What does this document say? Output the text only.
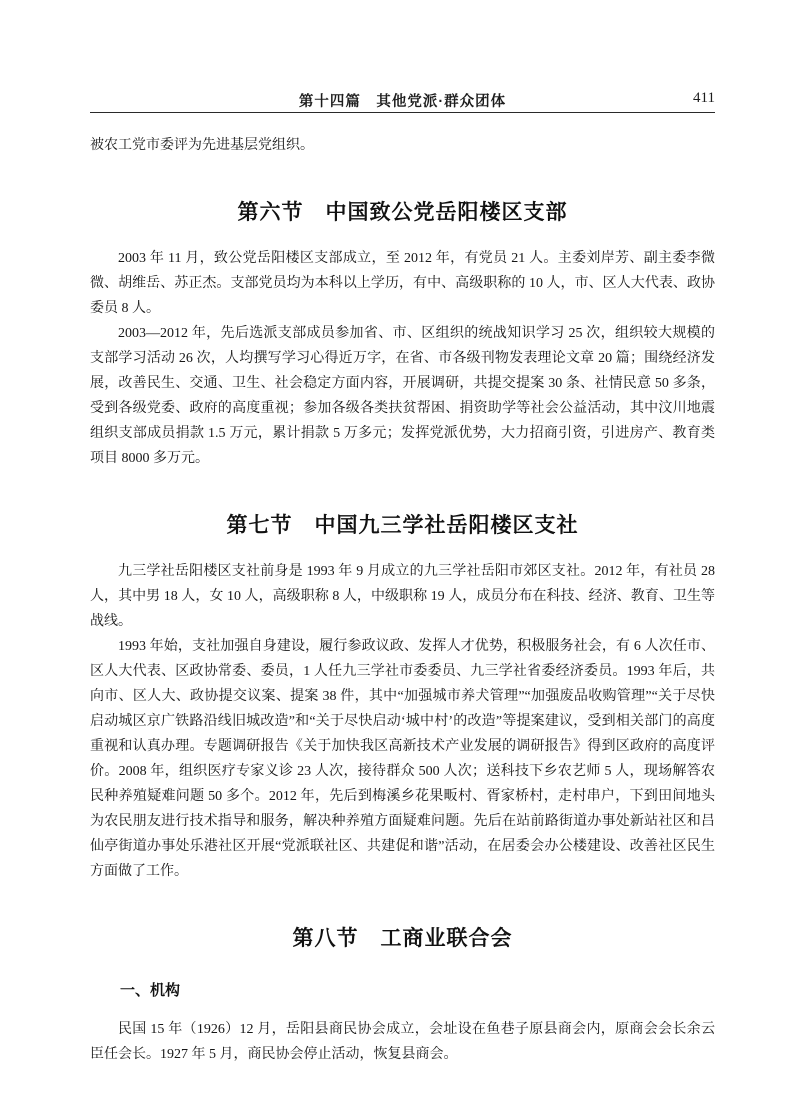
第十四篇　其他党派·群众团体	411

被农工党市委评为先进基层党组织。

第六节　中国致公党岳阳楼区支部

2003 年 11 月，致公党岳阳楼区支部成立，至 2012 年，有党员 21 人。主委刘岸芳、副主委李微微、胡维岳、苏正杰。支部党员均为本科以上学历，有中、高级职称的 10 人，市、区人大代表、政协委员 8 人。

2003—2012 年，先后选派支部成员参加省、市、区组织的统战知识学习 25 次，组织较大规模的支部学习活动 26 次，人均撰写学习心得近万字，在省、市各级刊物发表理论文章 20 篇；围绕经济发展，改善民生、交通、卫生、社会稳定方面内容，开展调研，共提交提案 30 条、社情民意 50 多条，受到各级党委、政府的高度重视；参加各级各类扶贫帮困、捐资助学等社会公益活动，其中汶川地震组织支部成员捐款 1.5 万元，累计捐款 5 万多元；发挥党派优势，大力招商引资，引进房产、教育类项目 8000 多万元。

第七节　中国九三学社岳阳楼区支社

九三学社岳阳楼区支社前身是 1993 年 9 月成立的九三学社岳阳市郊区支社。2012 年，有社员 28 人，其中男 18 人，女 10 人，高级职称 8 人，中级职称 19 人，成员分布在科技、经济、教育、卫生等战线。

1993 年始，支社加强自身建设，履行参政议政、发挥人才优势，积极服务社会，有 6 人次任市、区人大代表、区政协常委、委员，1 人任九三学社市委委员、九三学社省委经济委员。1993 年后，共向市、区人大、政协提交议案、提案 38 件，其中“加强城市养犬管理”“加强废品收购管理”“关于尽快启动城区京广铁路沿线旧城改造”和“关于尽快启动‘城中村’的改造”等提案建议，受到相关部门的高度重视和认真办理。专题调研报告《关于加快我区高新技术产业发展的调研报告》得到区政府的高度评价。2008 年，组织医疗专家义诊 23 人次，接待群众 500 人次；送科技下乡农艺师 5 人，现场解答农民种养殖疑难问题 50 多个。2012 年，先后到梅溪乡花果畈村、胥家桥村，走村串户，下到田间地头为农民朋友进行技术指导和服务，解决种养殖方面疑难问题。先后在站前路街道办事处新站社区和吕仙亭街道办事处乐港社区开展“党派联社区、共建促和谐”活动，在居委会办公楼建设、改善社区民生方面做了工作。

第八节　工商业联合会
一、机构

民国 15 年（1926）12 月，岳阳县商民协会成立，会址设在鱼巷子原县商会内，原商会会长余云臣任会长。1927 年 5 月，商民协会停止活动，恢复县商会。
